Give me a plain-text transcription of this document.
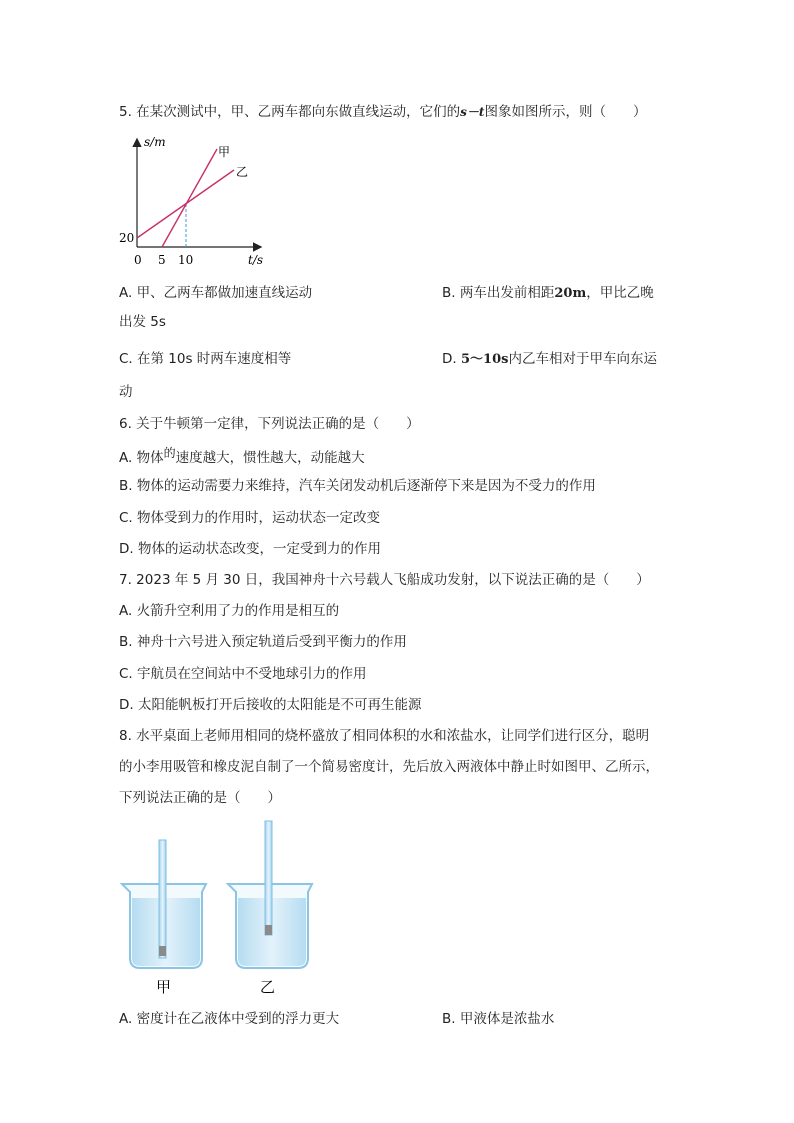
5. 在某次测试中，甲、乙两车都向东做直线运动，它们的s－t图象如图所示，则（　　）
s/m
t/s
0 5 10
20
甲
乙
A. 甲、乙两车都做加速直线运动	B. 两车出发前相距20m，甲比乙晚
出发 5s
C. 在第 10s 时两车速度相等	D. 5～10s内乙车相对于甲车向东运
动
6. 关于牛顿第一定律，下列说法正确的是（　　）
A. 物体的速度越大，惯性越大，动能越大
B. 物体的运动需要力来维持，汽车关闭发动机后逐渐停下来是因为不受力的作用
C. 物体受到力的作用时，运动状态一定改变
D. 物体的运动状态改变，一定受到力的作用
7. 2023 年 5 月 30 日，我国神舟十六号载人飞船成功发射，以下说法正确的是（　　）
A. 火箭升空利用了力的作用是相互的
B. 神舟十六号进入预定轨道后受到平衡力的作用
C. 宇航员在空间站中不受地球引力的作用
D. 太阳能帆板打开后接收的太阳能是不可再生能源
8. 水平桌面上老师用相同的烧杯盛放了相同体积的水和浓盐水，让同学们进行区分，聪明
的小李用吸管和橡皮泥自制了一个简易密度计，先后放入两液体中静止时如图甲、乙所示，
下列说法正确的是（　　）
甲	乙
A. 密度计在乙液体中受到的浮力更大	B. 甲液体是浓盐水
